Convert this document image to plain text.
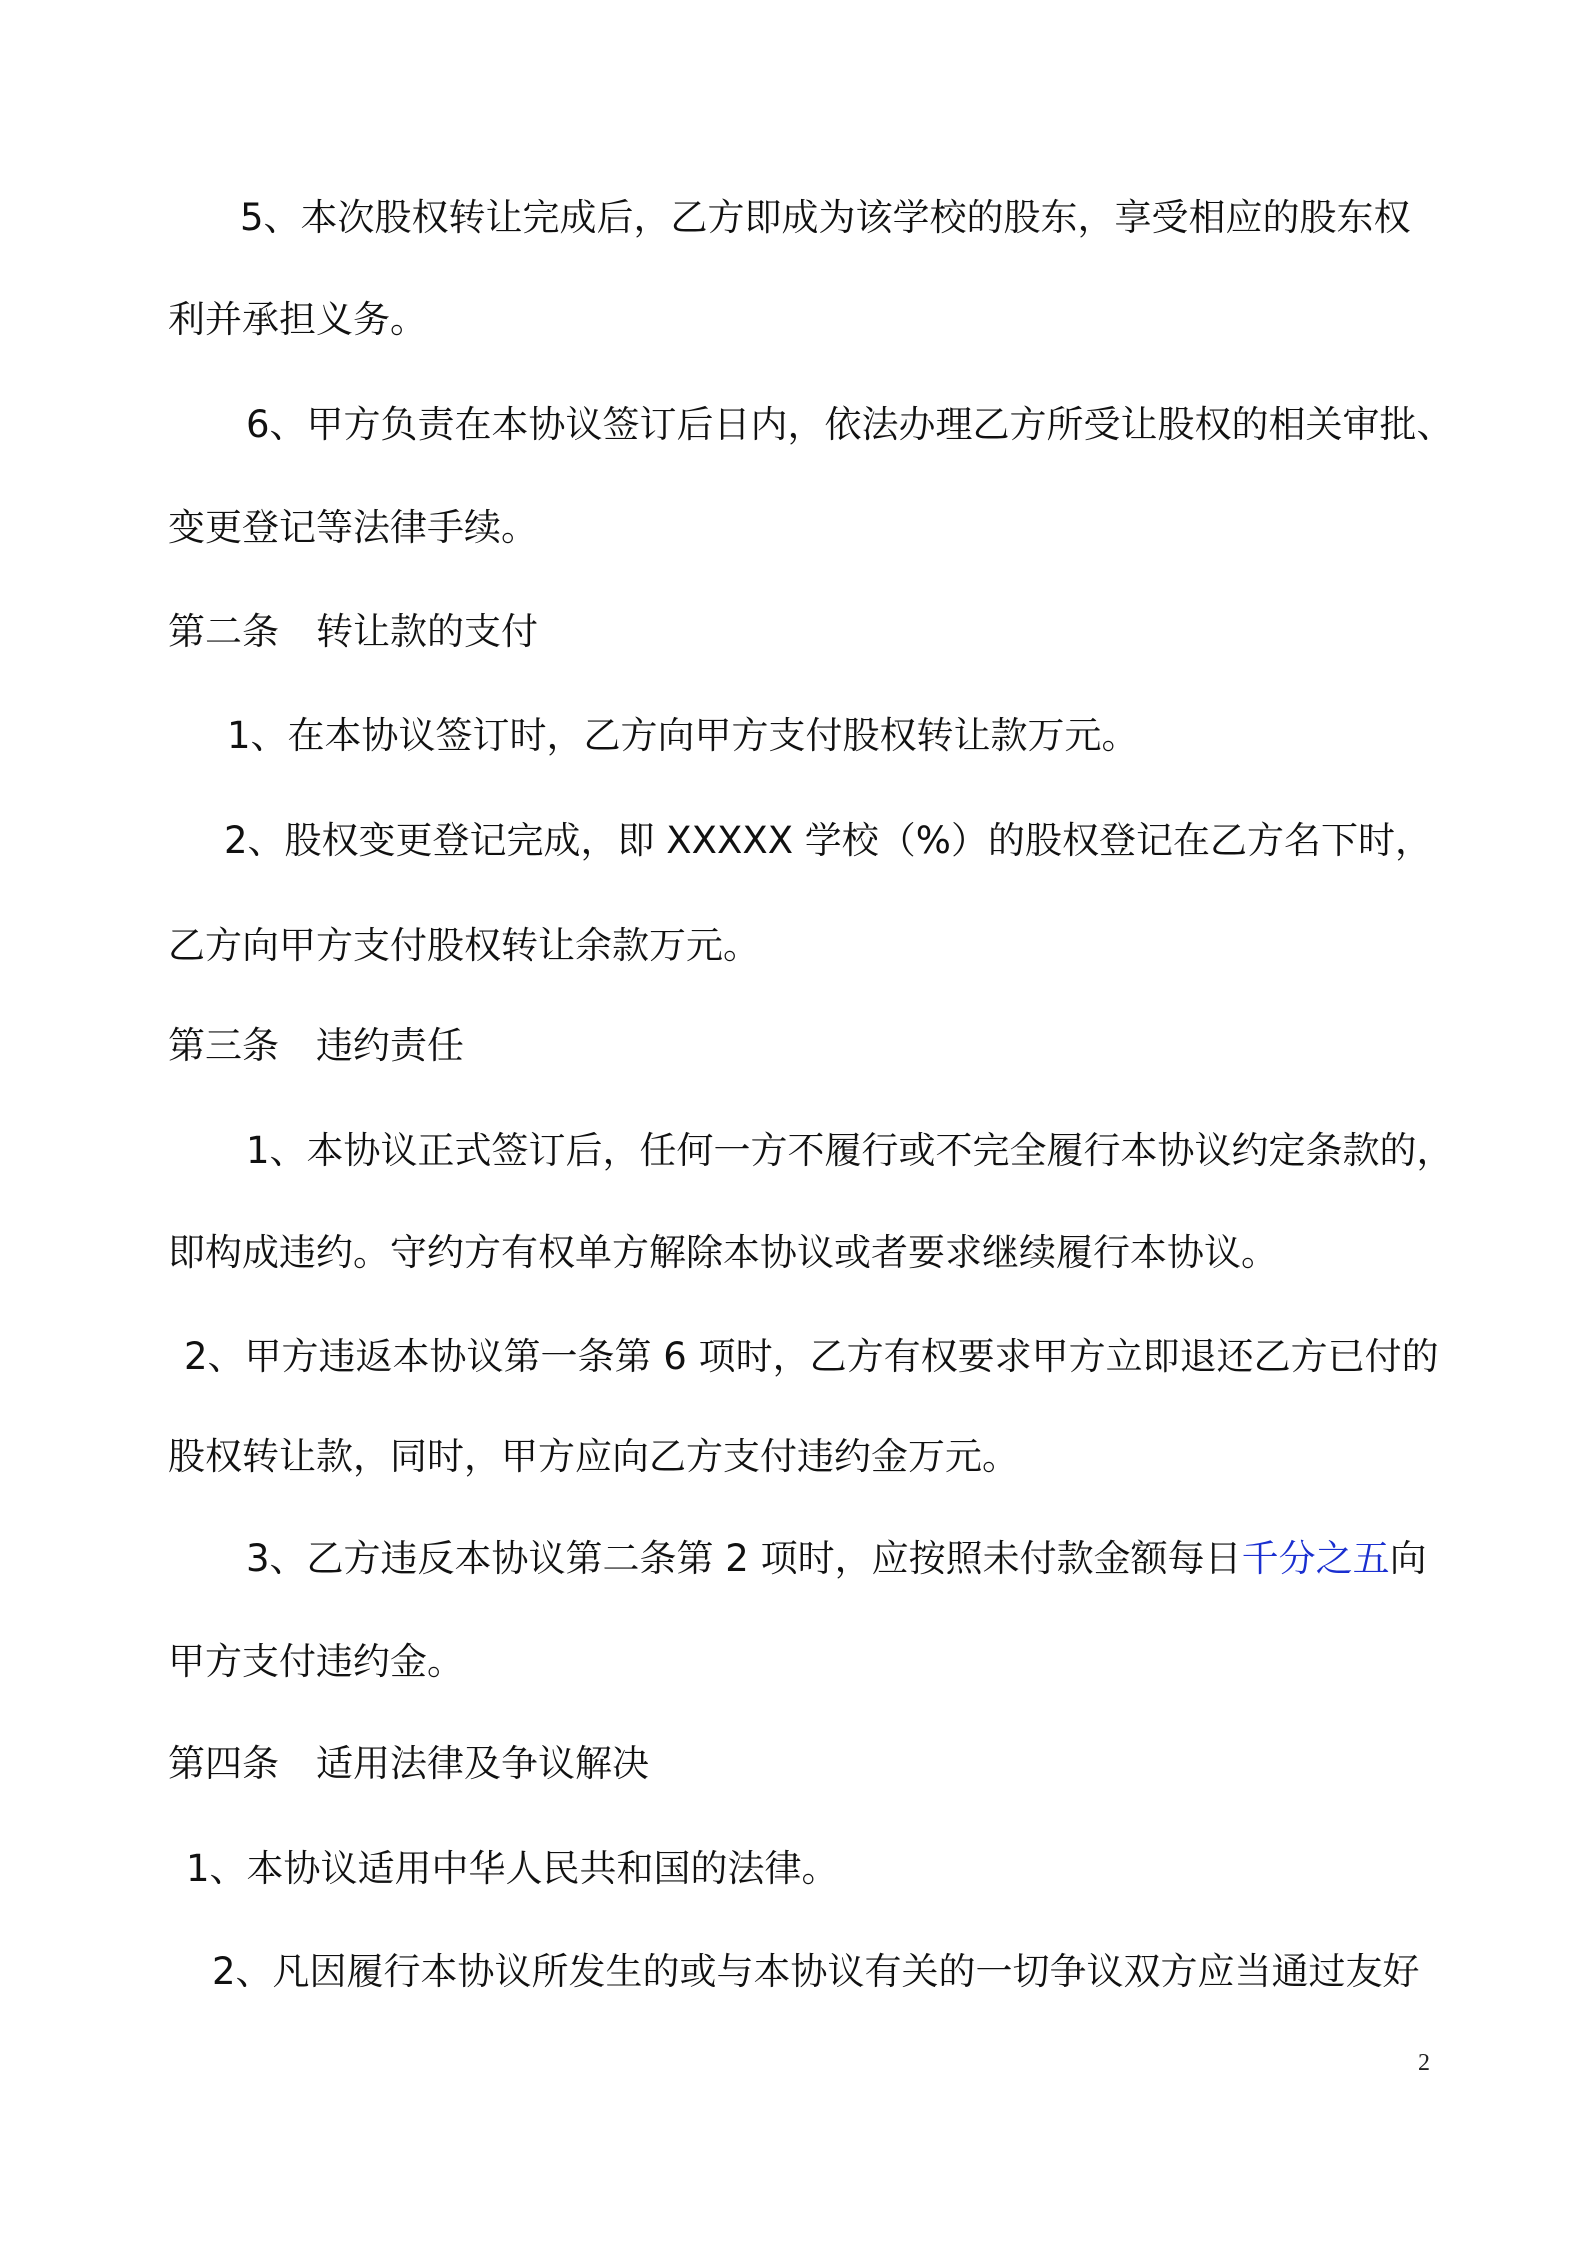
5、本次股权转让完成后，乙方即成为该学校的股东，享受相应的股东权
利并承担义务。
6、甲方负责在本协议签订后日内，依法办理乙方所受让股权的相关审批、
变更登记等法律手续。
第二条　转让款的支付
1、在本协议签订时，乙方向甲方支付股权转让款万元。
2、股权变更登记完成，即 XXXXX 学校（%）的股权登记在乙方名下时，
乙方向甲方支付股权转让余款万元。
第三条　违约责任
1、本协议正式签订后，任何一方不履行或不完全履行本协议约定条款的，
即构成违约。守约方有权单方解除本协议或者要求继续履行本协议。
2、甲方违返本协议第一条第 6 项时，乙方有权要求甲方立即退还乙方已付的
股权转让款，同时，甲方应向乙方支付违约金万元。
3、乙方违反本协议第二条第 2 项时，应按照未付款金额每日千分之五向
甲方支付违约金。
第四条　适用法律及争议解决
1、本协议适用中华人民共和国的法律。
2、凡因履行本协议所发生的或与本协议有关的一切争议双方应当通过友好
2
